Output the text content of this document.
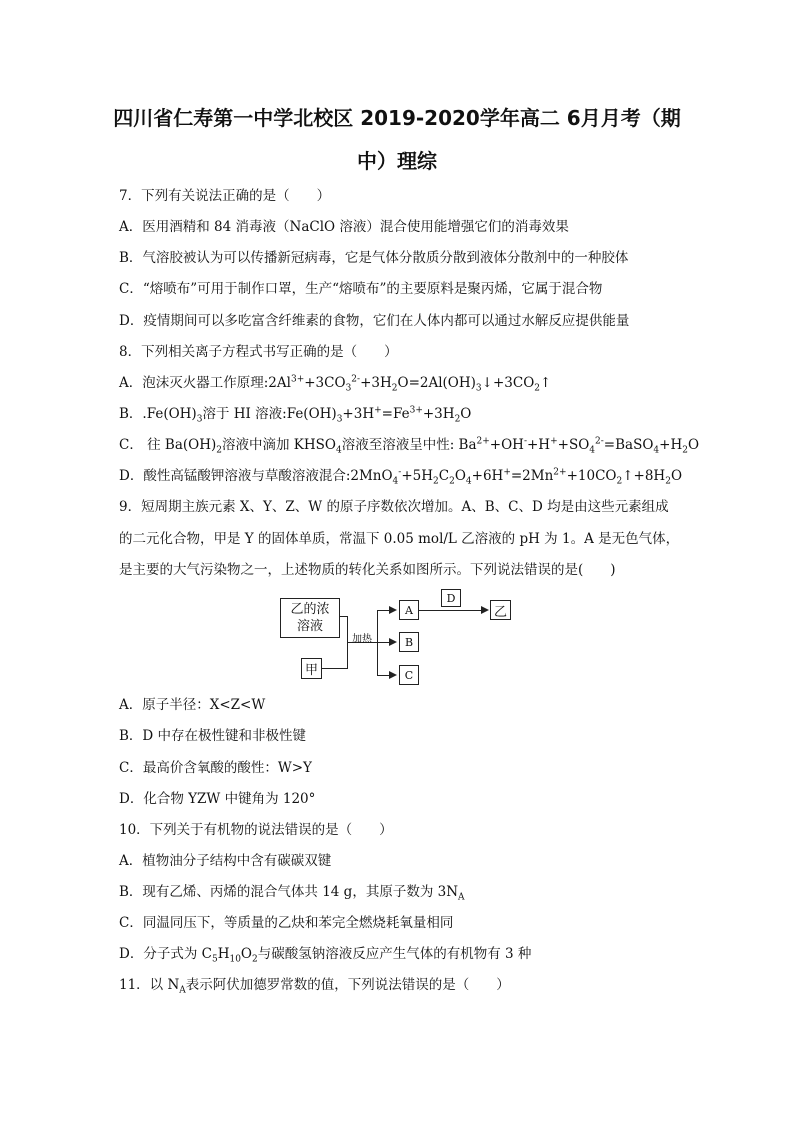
四川省仁寿第一中学北校区 2019-2020学年高二 6月月考（期
中）理综
7．下列有关说法正确的是（　　）
A．医用酒精和 84 消毒液（NaClO 溶液）混合使用能增强它们的消毒效果
B．气溶胶被认为可以传播新冠病毒，它是气体分散质分散到液体分散剂中的一种胶体
C．“熔喷布”可用于制作口罩，生产“熔喷布”的主要原料是聚丙烯，它属于混合物
D．疫情期间可以多吃富含纤维素的食物，它们在人体内都可以通过水解反应提供能量
8．下列相关离子方程式书写正确的是（　　）
A．泡沫灭火器工作原理$:2Al^{3+}+3CO_3^{2-}+3H_2O=2Al(OH)_3↓+3CO_2↑$
B．$.Fe(OH)_3$溶于 HI 溶液$:Fe(OH)_3+3H^+=Fe^{3+}+3H_2O$
C． 往 $Ba(OH)_2$溶液中滴加 $KHSO_4$溶液至溶液呈中性: $Ba^{2+}+OH^-+H^++SO_4^{2-}=BaSO_4+H_2O$
D．酸性高锰酸钾溶液与草酸溶液混合$:2MnO_4^-+5H_2C_2O_4+6H^+=2Mn^{2+}+10CO_2↑+8H_2O$
9．短周期主族元素 X、Y、Z、W 的原子序数依次增加。A、B、C、D 均是由这些元素组成
的二元化合物，甲是 Y 的固体单质，常温下 0.05 mol/L 乙溶液的 pH 为 1。A 是无色气体，
是主要的大气污染物之一，上述物质的转化关系如图所示。下列说法错误的是(　　)
乙的浓
溶液
甲
加热
A
B
C
D
乙
A．原子半径：X<Z<W
B．D 中存在极性键和非极性键
C．最高价含氧酸的酸性：W>Y
D．化合物 YZW 中键角为 120°
10．下列关于有机物的说法错误的是（　　）
A．植物油分子结构中含有碳碳双键
B．现有乙烯、丙烯的混合气体共 14 g，其原子数为 $3N_A$
C．同温同压下，等质量的乙炔和苯完全燃烧耗氧量相同
D．分子式为 $C_5H_{10}O_2$与碳酸氢钠溶液反应产生气体的有机物有 3 种
11．以 $N_A$表示阿伏加德罗常数的值，下列说法错误的是（　　）
